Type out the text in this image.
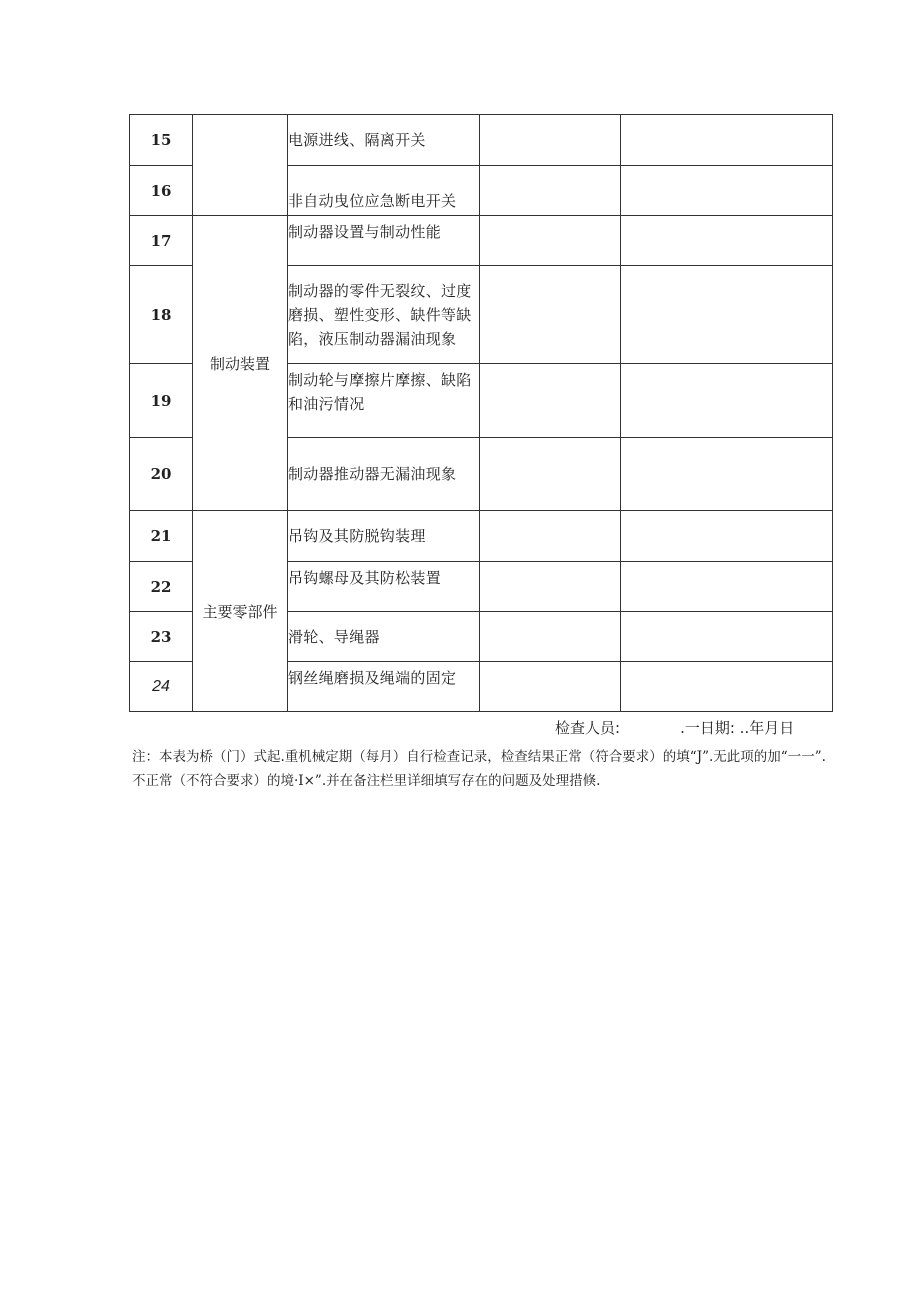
15		电源进线、隔离开关		
16		非自动曳位应急断电开关		
17	制动装置	制动器设置与制动性能		
18		制动器的零件无裂纹、过度磨损、塑性变形、缺件等缺陷，液压制动器漏油现象		
19		制动轮与摩擦片摩擦、缺陷和油污情况		
20		制动器推动器无漏油现象		
21	主要零部件	吊钩及其防脱钩装理		
22		吊钩螺母及其防松装置		
23		滑轮、导绳器		
24		钢丝绳磨损及绳端的固定		
检查人员:	.一日期: ..年月日
注：本表为桥（门）式起.重机械定期（每月）自行检查记录，检查结果正常（符合要求）的填“J”.无此项的加“一一”.不正常（不符合要求）的境·Ι×”.并在备注栏里详细填写存在的问题及处理措倏.
